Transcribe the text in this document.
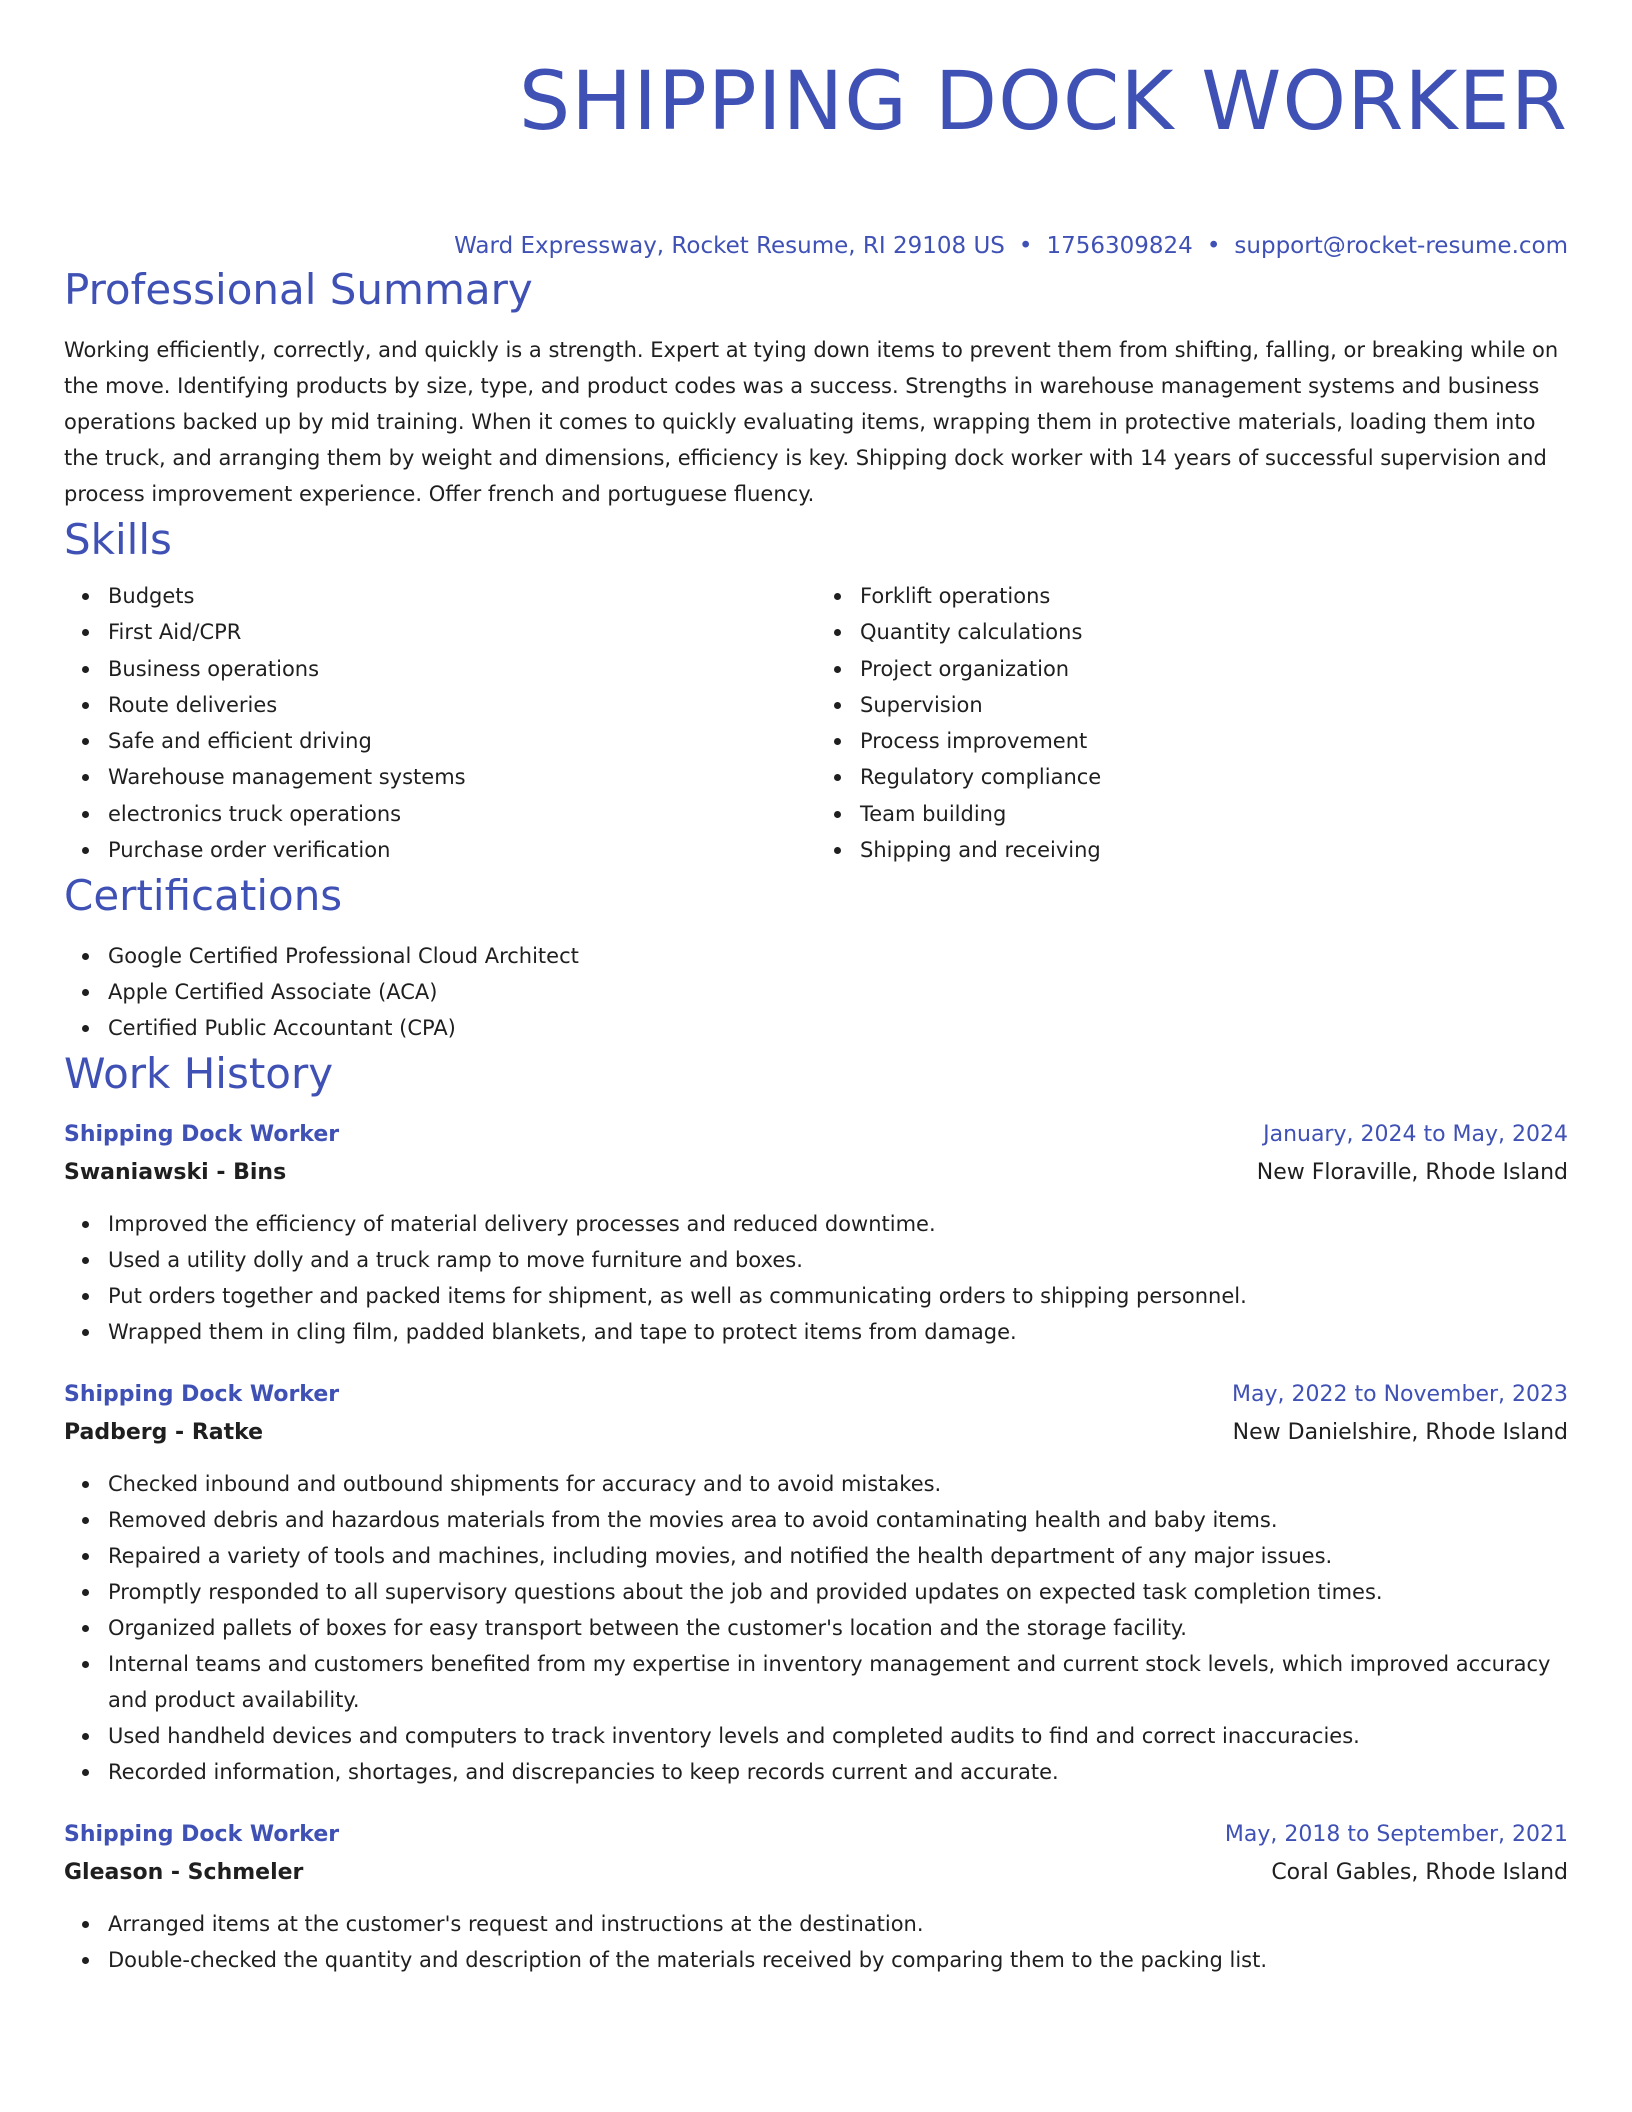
SHIPPING DOCK WORKER
Ward Expressway, Rocket Resume, RI 29108 US • 1756309824 • support@rocket-resume.com
Professional Summary

Working efficiently, correctly, and quickly is a strength. Expert at tying down items to prevent them from shifting, falling, or breaking while on the move. Identifying products by size, type, and product codes was a success. Strengths in warehouse management systems and business operations backed up by mid training. When it comes to quickly evaluating items, wrapping them in protective materials, loading them into the truck, and arranging them by weight and dimensions, efficiency is key. Shipping dock worker with 14 years of successful supervision and process improvement experience. Offer french and portuguese fluency.

Skills
Budgets
First Aid/CPR
Business operations
Route deliveries
Safe and efficient driving
Warehouse management systems
electronics truck operations
Purchase order verification
Forklift operations
Quantity calculations
Project organization
Supervision
Process improvement
Regulatory compliance
Team building
Shipping and receiving
Certifications
Google Certified Professional Cloud Architect
Apple Certified Associate (ACA)
Certified Public Accountant (CPA)
Work History
Shipping Dock Worker	January, 2024 to May, 2024
Swaniawski - Bins	New Floraville, Rhode Island
Improved the efficiency of material delivery processes and reduced downtime.
Used a utility dolly and a truck ramp to move furniture and boxes.
Put orders together and packed items for shipment, as well as communicating orders to shipping personnel.
Wrapped them in cling film, padded blankets, and tape to protect items from damage.
Shipping Dock Worker	May, 2022 to November, 2023
Padberg - Ratke	New Danielshire, Rhode Island
Checked inbound and outbound shipments for accuracy and to avoid mistakes.
Removed debris and hazardous materials from the movies area to avoid contaminating health and baby items.
Repaired a variety of tools and machines, including movies, and notified the health department of any major issues.
Promptly responded to all supervisory questions about the job and provided updates on expected task completion times.
Organized pallets of boxes for easy transport between the customer's location and the storage facility.
Internal teams and customers benefited from my expertise in inventory management and current stock levels, which improved accuracy and product availability.
Used handheld devices and computers to track inventory levels and completed audits to find and correct inaccuracies.
Recorded information, shortages, and discrepancies to keep records current and accurate.
Shipping Dock Worker	May, 2018 to September, 2021
Gleason - Schmeler	Coral Gables, Rhode Island
Arranged items at the customer's request and instructions at the destination.
Double-checked the quantity and description of the materials received by comparing them to the packing list.
